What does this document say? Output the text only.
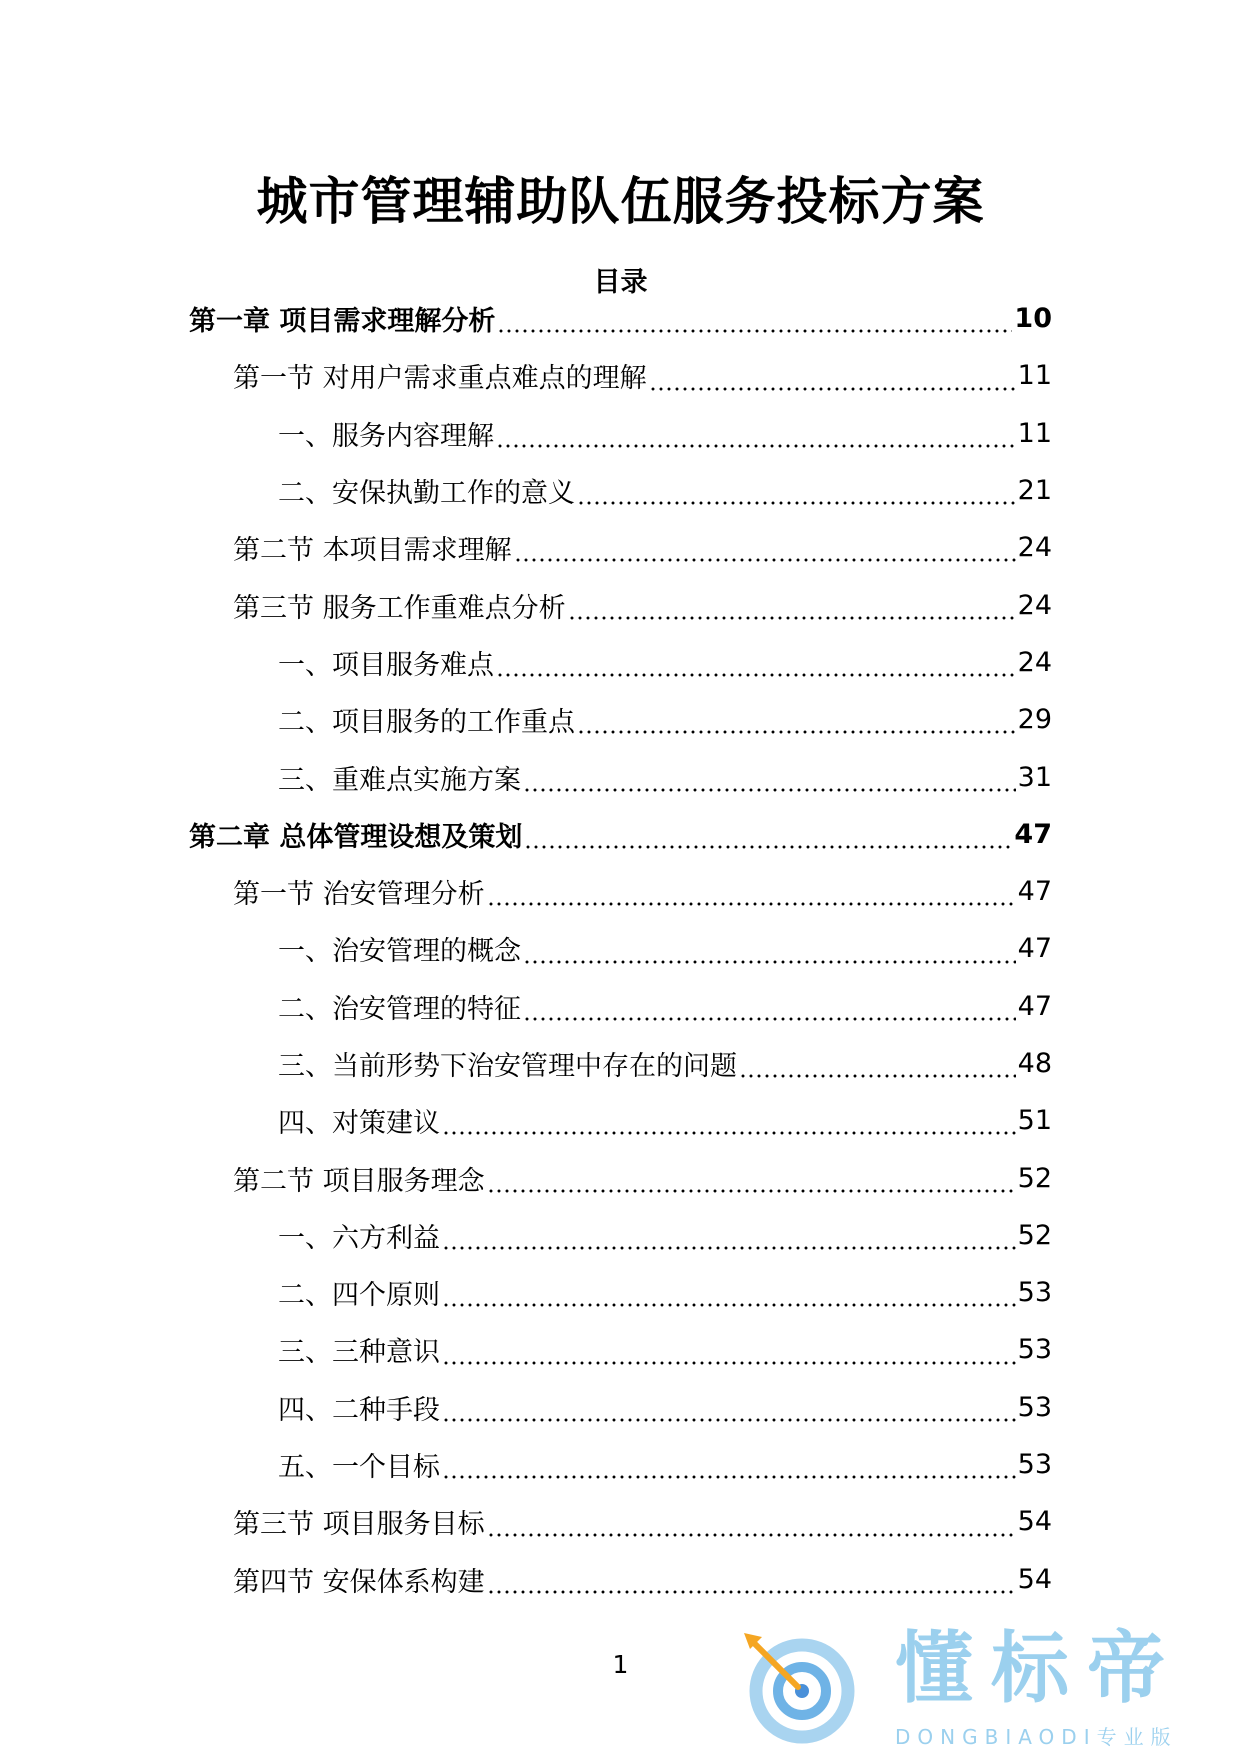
城市管理辅助队伍服务投标方案
目录
第一章 项目需求理解分析	10
第一节 对用户需求重点难点的理解	11
一、服务内容理解	11
二、安保执勤工作的意义	21
第二节 本项目需求理解	24
第三节 服务工作重难点分析	24
一、项目服务难点	24
二、项目服务的工作重点	29
三、重难点实施方案	31
第二章 总体管理设想及策划	47
第一节 治安管理分析	47
一、治安管理的概念	47
二、治安管理的特征	47
三、当前形势下治安管理中存在的问题	48
四、对策建议	51
第二节 项目服务理念	52
一、六方利益	52
二、四个原则	53
三、三种意识	53
四、二种手段	53
五、一个目标	53
第三节 项目服务目标	54
第四节 安保体系构建	54
1	懂标帝
DONGBIAODI专业版
